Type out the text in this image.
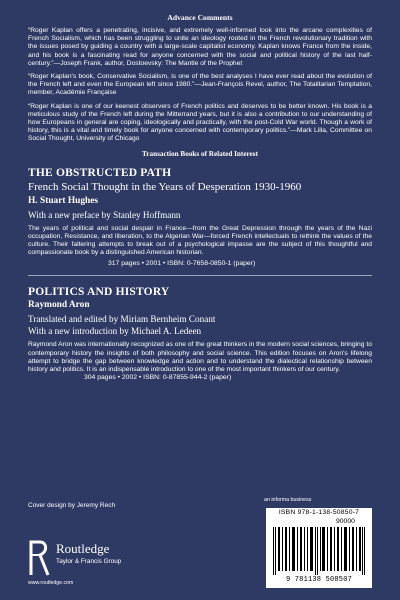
Advance Comments

“Roger Kaplan offers a penetrating, incisive, and extremely well-informed look into the arcane complexities of French Socialism, which has been struggling to unite an ideology rooted in the French revolutionary tradition with the issues posed by guiding a country with a large-scale capitalist economy. Kaplan knows France from the inside, and his book is a fascinating read for anyone concerned with the social and political history of the last half-century.”—Joseph Frank, author, Dostoevsky: The Mantle of the Prophet

“Roger Kaplan's book, Conservative Socialism, is one of the best analyses I have ever read about the evolution of the French left and even the European left since 1980.”—Jean-François Revel, author, The Totalitarian Temptation, member, Académie Française

“Roger Kaplan is one of our keenest observers of French politics and deserves to be better known. His book is a meticulous study of the French left during the Mitterrand years, but it is also a contribution to our understanding of how Europeans in general are coping, ideologically and practically, with the post-Cold War world. Though a work of history, this is a vital and timely book for anyone concerned with contemporary politics.”—Mark Lilla, Committee on Social Thought, University of Chicago

Transaction Books of Related Interest
THE OBSTRUCTED PATH
French Social Thought in the Years of Desperation 1930-1960
H. Stuart Hughes
With a new preface by Stanley Hoffmann

The years of political and social despair in France—from the Great Depression through the years of the Nazi occupation, Resistance, and liberation, to the Algerian War—forced French intellectuals to rethink the values of the culture. Their faltering attempts to break out of a psychological impasse are the subject of this thoughtful and compassionate book by a distinguished American historian.

317 pages • 2001 • ISBN: 0-7658-0850-1 (paper)
POLITICS AND HISTORY
Raymond Aron
Translated and edited by Miriam Bernheim Conant
With a new introduction by Michael A. Ledeen

Raymond Aron was internationally recognized as one of the great thinkers in the modern social sciences, bringing to contemporary history the insights of both philosophy and social science. This edition focuses on Aron's lifelong attempt to bridge the gap between knowledge and action and to understand the dialectical relationship between history and politics. It is an indispensable introduction to one of the most important thinkers of our century.

304 pages • 2002 • ISBN: 0-87855-944-2 (paper)
Cover design by Jeremy Rech
an informa business
Routledge
Taylor & Francis Group
www.routledge.com
ISBN 978-1-138-50850-7
90000
9 781138 508507
